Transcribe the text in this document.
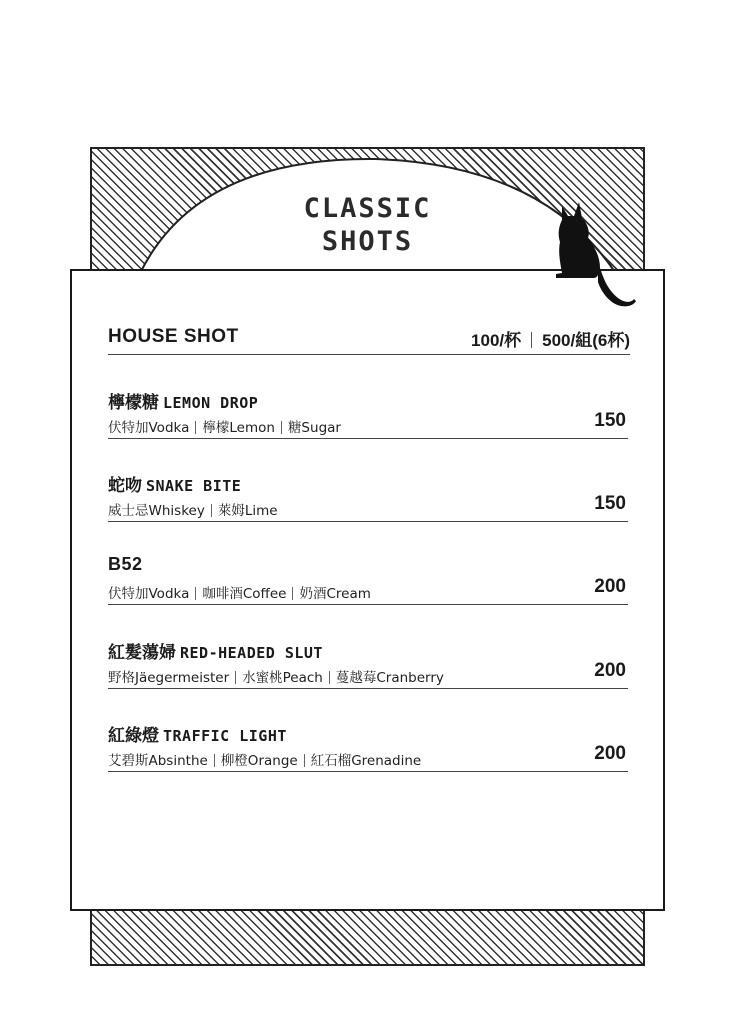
CLASSIC
SHOTS
HOUSE SHOT	100/杯 500/組(6杯)
檸檬糖 LEMON DROP
伏特加Vodka 檸檬Lemon 糖Sugar	150
蛇吻 SNAKE BITE
威士忌Whiskey 萊姆Lime	150
B52
伏特加Vodka 咖啡酒Coffee 奶酒Cream	200
紅髮蕩婦 RED-HEADED SLUT
野格Jäegermeister 水蜜桃Peach 蔓越莓Cranberry	200
紅綠燈 TRAFFIC LIGHT
艾碧斯Absinthe 柳橙Orange 紅石榴Grenadine	200
